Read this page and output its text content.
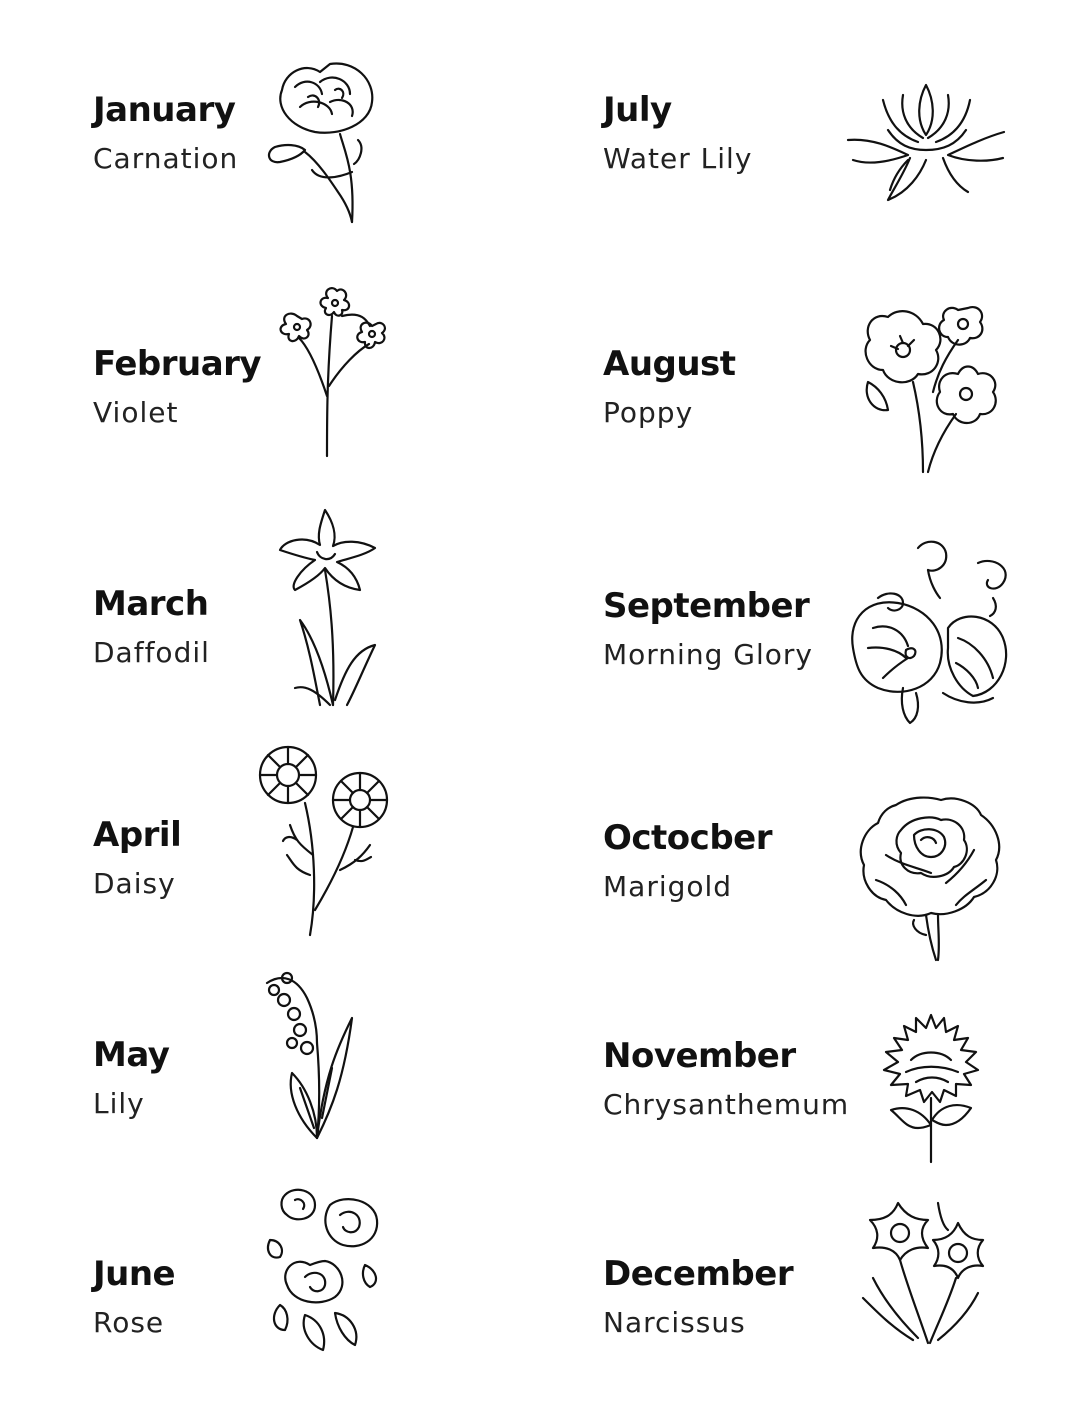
January
Carnation
February
Violet
March
Daffodil
April
Daisy
May
Lily
June
Rose
July
Water Lily
August
Poppy
September
Morning Glory
Octocber
Marigold
November
Chrysanthemum
December
Narcissus
